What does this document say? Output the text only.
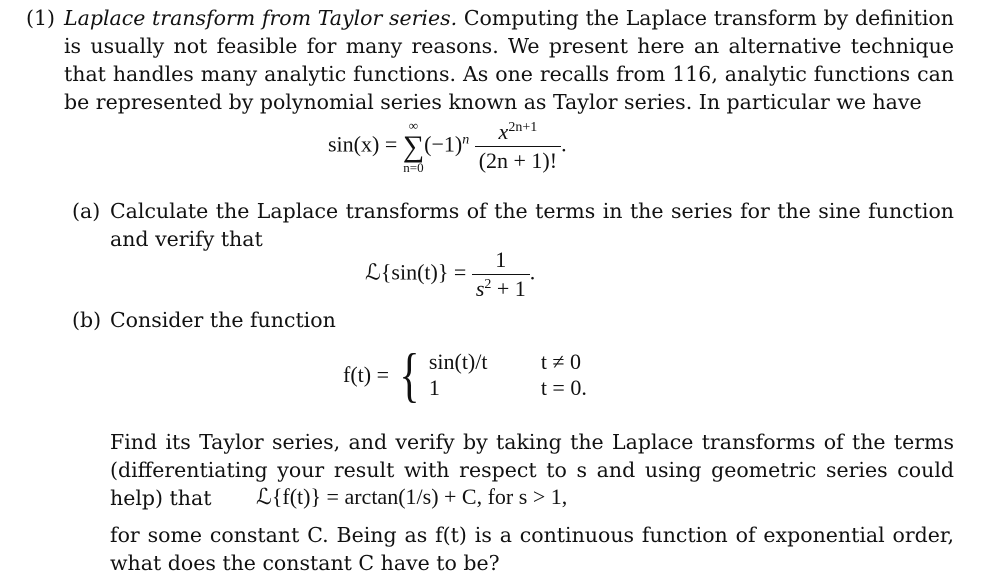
(1) Laplace transform from Taylor series. Computing the Laplace transform by definition is usually not feasible for many reasons. We present here an alternative technique that handles many analytic functions. As one recalls from 116, analytic functions can be represented by polynomial series known as Taylor series. In particular we have

sin(x) = ∞
∑
$n=0(-1)^n \frac{x^{2n+1}}{(2n + 1)!}$ .
(a) Calculate the Laplace transforms of the terms in the series for the sine function and verify that

ℒ{sin(t)} = $\frac{1}{s^2 + 1}$ .
(b) Consider the function

f(t) = { sin(t)/t t ≠ 0
1	t = 0.

Find its Taylor series, and verify by taking the Laplace transforms of the terms (differentiating your result with respect to s and using geometric series could help) that	ℒ{f(t)} = arctan(1/s) + C, for s > 1,

for some constant C. Being as f(t) is a continuous function of exponential order, what does the constant C have to be?
